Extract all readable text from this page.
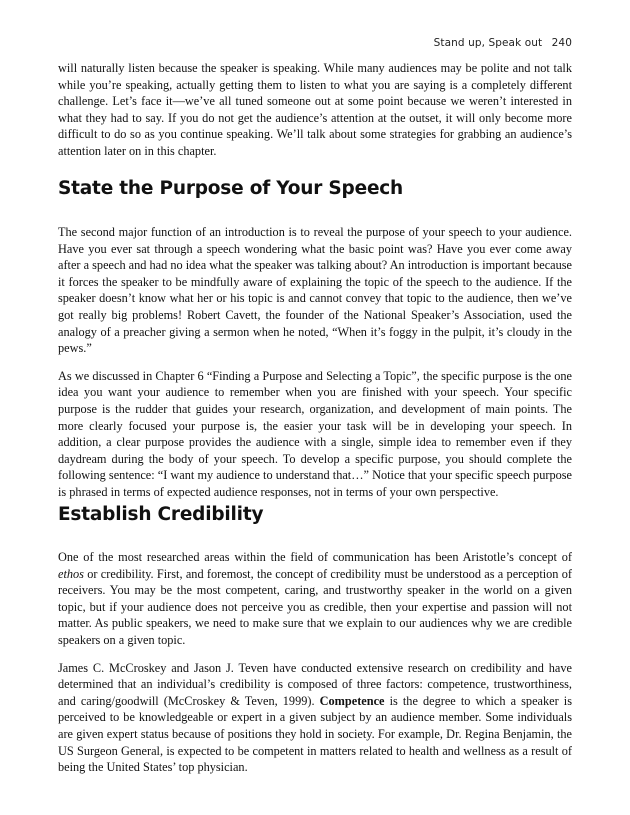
Stand up, Speak out 240

will naturally listen because the speaker is speaking. While many audiences may be polite and not talk while you’re speaking, actually getting them to listen to what you are saying is a completely different challenge. Let’s face it—we’ve all tuned someone out at some point because we weren’t interested in what they had to say. If you do not get the audience’s attention at the outset, it will only become more difficult to do so as you continue speaking. We’ll talk about some strategies for grabbing an audience’s attention later on in this chapter.

State the Purpose of Your Speech

The second major function of an introduction is to reveal the purpose of your speech to your audience. Have you ever sat through a speech wondering what the basic point was? Have you ever come away after a speech and had no idea what the speaker was talking about? An introduction is important because it forces the speaker to be mindfully aware of explaining the topic of the speech to the audience. If the speaker doesn’t know what her or his topic is and cannot convey that topic to the audience, then we’ve got really big problems! Robert Cavett, the founder of the National Speaker’s Association, used the analogy of a preacher giving a sermon when he noted, “When it’s foggy in the pulpit, it’s cloudy in the pews.”

As we discussed in Chapter 6 “Finding a Purpose and Selecting a Topic”, the specific purpose is the one idea you want your audience to remember when you are finished with your speech. Your specific purpose is the rudder that guides your research, organization, and development of main points. The more clearly focused your purpose is, the easier your task will be in developing your speech. In addition, a clear purpose provides the audience with a single, simple idea to remember even if they daydream during the body of your speech. To develop a specific purpose, you should complete the following sentence: “I want my audience to understand that…” Notice that your specific speech purpose is phrased in terms of expected audience responses, not in terms of your own perspective.

Establish Credibility

One of the most researched areas within the field of communication has been Aristotle’s concept of ethos or credibility. First, and foremost, the concept of credibility must be understood as a perception of receivers. You may be the most competent, caring, and trustworthy speaker in the world on a given topic, but if your audience does not perceive you as credible, then your expertise and passion will not matter. As public speakers, we need to make sure that we explain to our audiences why we are credible speakers on a given topic.

James C. McCroskey and Jason J. Teven have conducted extensive research on credibility and have determined that an individual’s credibility is composed of three factors: competence, trustworthiness, and caring/goodwill (McCroskey & Teven, 1999). Competence is the degree to which a speaker is perceived to be knowledgeable or expert in a given subject by an audience member. Some individuals are given expert status because of positions they hold in society. For example, Dr. Regina Benjamin, the US Surgeon General, is expected to be competent in matters related to health and wellness as a result of being the United States’ top physician.
